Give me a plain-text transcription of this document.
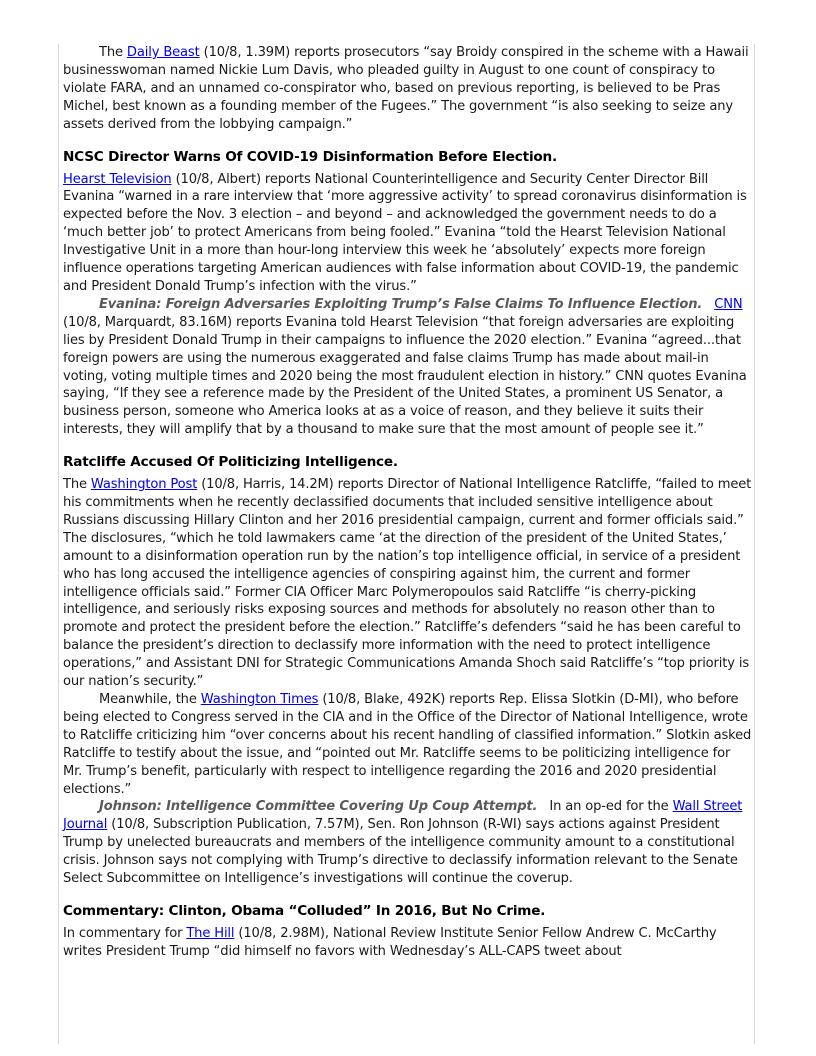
The Daily Beast (10/8, 1.39M) reports prosecutors “say Broidy conspired in the scheme with a Hawaii businesswoman named Nickie Lum Davis, who pleaded guilty in August to one count of conspiracy to violate FARA, and an unnamed co-conspirator who, based on previous reporting, is believed to be Pras Michel, best known as a founding member of the Fugees.” The government “is also seeking to seize any assets derived from the lobbying campaign.”

NCSC Director Warns Of COVID-19 Disinformation Before Election.

Hearst Television (10/8, Albert) reports National Counterintelligence and Security Center Director Bill Evanina “warned in a rare interview that ‘more aggressive activity’ to spread coronavirus disinformation is expected before the Nov. 3 election – and beyond – and acknowledged the government needs to do a ‘much better job’ to protect Americans from being fooled.” Evanina “told the Hearst Television National Investigative Unit in a more than hour-long interview this week he ‘absolutely’ expects more foreign influence operations targeting American audiences with false information about COVID-19, the pandemic and President Donald Trump’s infection with the virus.”

Evanina: Foreign Adversaries Exploiting Trump’s False Claims To Influence Election. CNN (10/8, Marquardt, 83.16M) reports Evanina told Hearst Television “that foreign adversaries are exploiting lies by President Donald Trump in their campaigns to influence the 2020 election.” Evanina “agreed...that foreign powers are using the numerous exaggerated and false claims Trump has made about mail-in voting, voting multiple times and 2020 being the most fraudulent election in history.” CNN quotes Evanina saying, “If they see a reference made by the President of the United States, a prominent US Senator, a business person, someone who America looks at as a voice of reason, and they believe it suits their interests, they will amplify that by a thousand to make sure that the most amount of people see it.”

Ratcliffe Accused Of Politicizing Intelligence.

The Washington Post (10/8, Harris, 14.2M) reports Director of National Intelligence Ratcliffe, “failed to meet his commitments when he recently declassified documents that included sensitive intelligence about Russians discussing Hillary Clinton and her 2016 presidential campaign, current and former officials said.” The disclosures, “which he told lawmakers came ‘at the direction of the president of the United States,’ amount to a disinformation operation run by the nation’s top intelligence official, in service of a president who has long accused the intelligence agencies of conspiring against him, the current and former intelligence officials said.” Former CIA Officer Marc Polymeropoulos said Ratcliffe “is cherry-picking intelligence, and seriously risks exposing sources and methods for absolutely no reason other than to promote and protect the president before the election.” Ratcliffe’s defenders “said he has been careful to balance the president’s direction to declassify more information with the need to protect intelligence operations,” and Assistant DNI for Strategic Communications Amanda Shoch said Ratcliffe’s “top priority is our nation’s security.”

Meanwhile, the Washington Times (10/8, Blake, 492K) reports Rep. Elissa Slotkin (D-MI), who before being elected to Congress served in the CIA and in the Office of the Director of National Intelligence, wrote to Ratcliffe criticizing him “over concerns about his recent handling of classified information.” Slotkin asked Ratcliffe to testify about the issue, and “pointed out Mr. Ratcliffe seems to be politicizing intelligence for Mr. Trump’s benefit, particularly with respect to intelligence regarding the 2016 and 2020 presidential elections.”

Johnson: Intelligence Committee Covering Up Coup Attempt. In an op-ed for the Wall Street Journal (10/8, Subscription Publication, 7.57M), Sen. Ron Johnson (R-WI) says actions against President Trump by unelected bureaucrats and members of the intelligence community amount to a constitutional crisis. Johnson says not complying with Trump’s directive to declassify information relevant to the Senate Select Subcommittee on Intelligence’s investigations will continue the coverup.

Commentary: Clinton, Obama “Colluded” In 2016, But No Crime.

In commentary for The Hill (10/8, 2.98M), National Review Institute Senior Fellow Andrew C. McCarthy writes President Trump “did himself no favors with Wednesday’s ALL-CAPS tweet about
